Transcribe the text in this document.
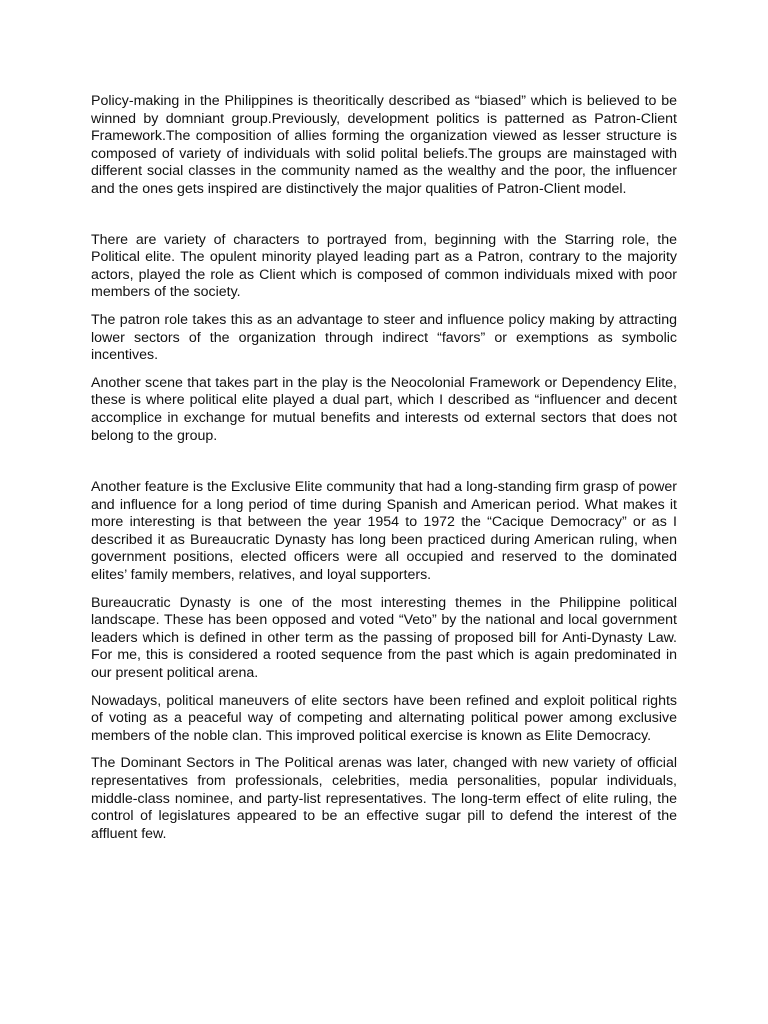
Policy-making in the Philippines is theoritically described as “biased” which is believed to be winned by domniant group.Previously, development politics is patterned as Patron-Client Framework.The composition of allies forming the organization viewed as lesser structure is composed of variety of individuals with solid polital beliefs.The groups are mainstaged with different social classes in the community named as the wealthy and the poor, the influencer and the ones gets inspired are distinctively the major qualities of Patron-Client model.

There are variety of characters to portrayed from, beginning with the Starring role, the Political elite. The opulent minority played leading part as a Patron, contrary to the majority actors, played the role as Client which is composed of common individuals mixed with poor members of the society.

The patron role takes this as an advantage to steer and influence policy making by attracting lower sectors of the organization through indirect “favors” or exemptions as symbolic incentives.

Another scene that takes part in the play is the Neocolonial Framework or Dependency Elite, these is where political elite played a dual part, which I described as “influencer and decent accomplice in exchange for mutual benefits and interests od external sectors that does not belong to the group.

Another feature is the Exclusive Elite community that had a long-standing firm grasp of power and influence for a long period of time during Spanish and American period. What makes it more interesting is that between the year 1954 to 1972 the “Cacique Democracy” or as I described it as Bureaucratic Dynasty has long been practiced during American ruling, when government positions, elected officers were all occupied and reserved to the dominated elites’ family members, relatives, and loyal supporters.

Bureaucratic Dynasty is one of the most interesting themes in the Philippine political landscape. These has been opposed and voted “Veto” by the national and local government leaders which is defined in other term as the passing of proposed bill for Anti-Dynasty Law. For me, this is considered a rooted sequence from the past which is again predominated in our present political arena.

Nowadays, political maneuvers of elite sectors have been refined and exploit political rights of voting as a peaceful way of competing and alternating political power among exclusive members of the noble clan. This improved political exercise is known as Elite Democracy.

The Dominant Sectors in The Political arenas was later, changed with new variety of official representatives from professionals, celebrities, media personalities, popular individuals, middle-class nominee, and party-list representatives. The long-term effect of elite ruling, the control of legislatures appeared to be an effective sugar pill to defend the interest of the affluent few.
